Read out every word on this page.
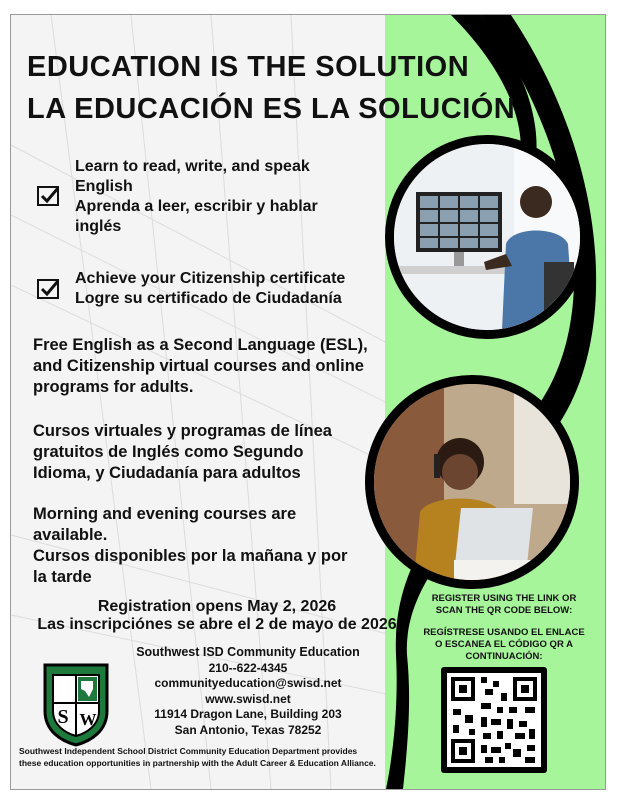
EDUCATION IS THE SOLUTION
LA EDUCACIÓN ES LA SOLUCIÓN
Learn to read, write, and speak
English
Aprenda a leer, escribir y hablar
inglés
Achieve your Citizenship certificate
Logre su certificado de Ciudadanía
Free English as a Second Language (ESL),
and Citizenship virtual courses and online
programs for adults.
Cursos virtuales y programas de línea
gratuitos de Inglés como Segundo
Idioma, y Ciudadanía para adultos
Morning and evening courses are
available.
Cursos disponibles por la mañana y por
la tarde
Registration opens May 2, 2026
Las inscripciónes se abre el 2 de mayo de 2026
S W
Southwest ISD Community Education
210--622-4345
communityeducation@swisd.net
www.swisd.net
11914 Dragon Lane, Building 203
San Antonio, Texas 78252
Southwest Independent School District Community Education Department provides
these education opportunities in partnership with the Adult Career & Education Alliance.
REGISTER USING THE LINK OR
SCAN THE QR CODE BELOW:
REGÍSTRESE USANDO EL ENLACE
O ESCANEA EL CÓDIGO QR A
CONTINUACIÓN:
